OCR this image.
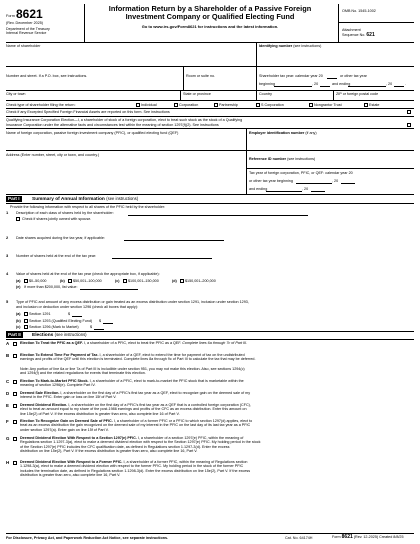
Form 8621
(Rev. December 2025)
Department of the Treasury
Internal Revenue Service
Information Return by a Shareholder of a Passive Foreign
Investment Company or Qualified Electing Fund
Go to www.irs.gov/Form8621 for instructions and the latest information.
OMB No. 1545-1002
Attachment
Sequence No. 621
Name of shareholder	Identifying number (see instructions)
Number and street. If a P.O. box, see instructions.	Room or suite no.	Shareholder tax year: calendar year 20	or other tax year
beginning	, 20	and ending	, 20	.
City or town	State or province	Country	ZIP or foreign postal code
Check type of shareholder filing the return:	Individual	Corporation	Partnership	S Corporation	Nongrantor Trust	Estate
Check if any Excepted Specified Foreign Financial Assets are reported on this form. See instructions
Qualifying Insurance Corporation Election—I, a shareholder of stock of a foreign corporation, elect to treat such stock as the stock of a Qualifying
Insurance Corporation under the alternative facts and circumstances test within the meaning of section 1297(f)(2). See instructions
Name of foreign corporation, passive foreign investment company (PFIC), or qualified electing fund (QEF)	Employer identification number (if any)
Address (Enter number, street, city or town, and country.)
Reference ID number (see instructions)
Tax year of foreign corporation, PFIC, or QEF: calendar year 20
or other tax year beginning	, 20
and ending	, 20
Part I	Summary of Annual Information (see instructions)
Provide the following information with respect to all shares of the PFIC held by the shareholder:
1 Description of each class of shares held by the shareholder:
Check if shares jointly owned with spouse.
2 Date shares acquired during the tax year, if applicable:
3 Number of shares held at the end of the tax year:
4 Value of shares held at the end of the tax year (check the appropriate box, if applicable):
(a) $0–50,000	(b) $50,001–100,000	(c) $100,001–150,000	(d) $150,001–200,000
(e) If more than $200,000, list value:
5 Type of PFIC and amount of any excess distribution or gain treated as an excess distribution under section 1291, inclusion under section 1293,
and inclusion or deduction under section 1296 (check all boxes that apply):
(a) Section 1291	$
(b) Section 1293 (Qualified Electing Fund) $
(c) Section 1296 (Mark to Market)	$
Part II	Elections (see instructions)
Election To Treat the PFIC as a QEF. I, a shareholder of a PFIC, elect to treat the PFIC as a QEF. Complete lines 6a through 7c of Part III.
Election To Extend Time For Payment of Tax. I, a shareholder of a QEF, elect to extend the time for payment of tax on the undistributed
earnings and profits of the QEF until this election is terminated. Complete lines 8a through 9c of Part III to calculate the tax that may be deferred.
Note: Any portion of line 6a or line 7a of Part III is includible under section 951, you may not make this election. Also, see sections 1294(c)
and 1294(f) and the related regulations for events that terminate this election.
Election To Mark-to-Market PFIC Stock. I, a shareholder of a PFIC, elect to mark-to-market the PFIC stock that is marketable within the
meaning of section 1296(e). Complete Part IV.
Deemed Sale Election. I, a shareholder on the first day of a PFIC's first tax year as a QEF, elect to recognize gain on the deemed sale of my
interest in the PFIC. Enter gain or loss on line 15f of Part V.
Deemed Dividend Election. I, a shareholder on the first day of a PFIC's first tax year as a QEF that is a controlled foreign corporation (CFC),
elect to treat an amount equal to my share of the post-1986 earnings and profits of the CFC as an excess distribution. Enter this amount on
line 15e(2) of Part V. If the excess distribution is greater than zero, also complete line 16 of Part V.
Election To Recognize Gain on Deemed Sale of PFIC. I, a shareholder of a former PFIC or a PFIC to which section 1297(d) applies, elect to
treat as an excess distribution the gain recognized on the deemed sale of my interest in the PFIC on the last day of its last tax year as a PFIC
under section 1297(a). Enter gain on line 15f of Part V.
Deemed Dividend Election With Respect to a Section 1297(e) PFIC. I, a shareholder of a section 1297(e) PFIC, within the meaning of
Regulations section 1.1297-3(a), elect to make a deemed dividend election with respect to the Section 1297(e) PFIC. My holding period in the stock
of the Section 1297(e) PFIC includes the CFC qualification date, as defined in Regulations section 1.1297-3(d). Enter the excess
distribution on line 15e(2), Part V. If the excess distribution is greater than zero, also complete line 16, Part V.
Deemed Dividend Election With Respect to a Former PFIC. I, a shareholder of a former PFIC, within the meaning of Regulations section
1.1298-3(a), elect to make a deemed dividend election with respect to the former PFIC. My holding period in the stock of the former PFIC
includes the termination date, as defined in Regulations section 1.1298-3(d). Enter the excess distribution on line 15e(2), Part V. If the excess
distribution is greater than zero, also complete line 16, Part V.
For Disclosure, Privacy Act, and Paperwork Reduction Act Notice, see separate instructions.	Cat. No. 64174H	Form 8621 (Rev. 12-2025) Created 8/8/25
A
B
C
D
E
F
G
H
